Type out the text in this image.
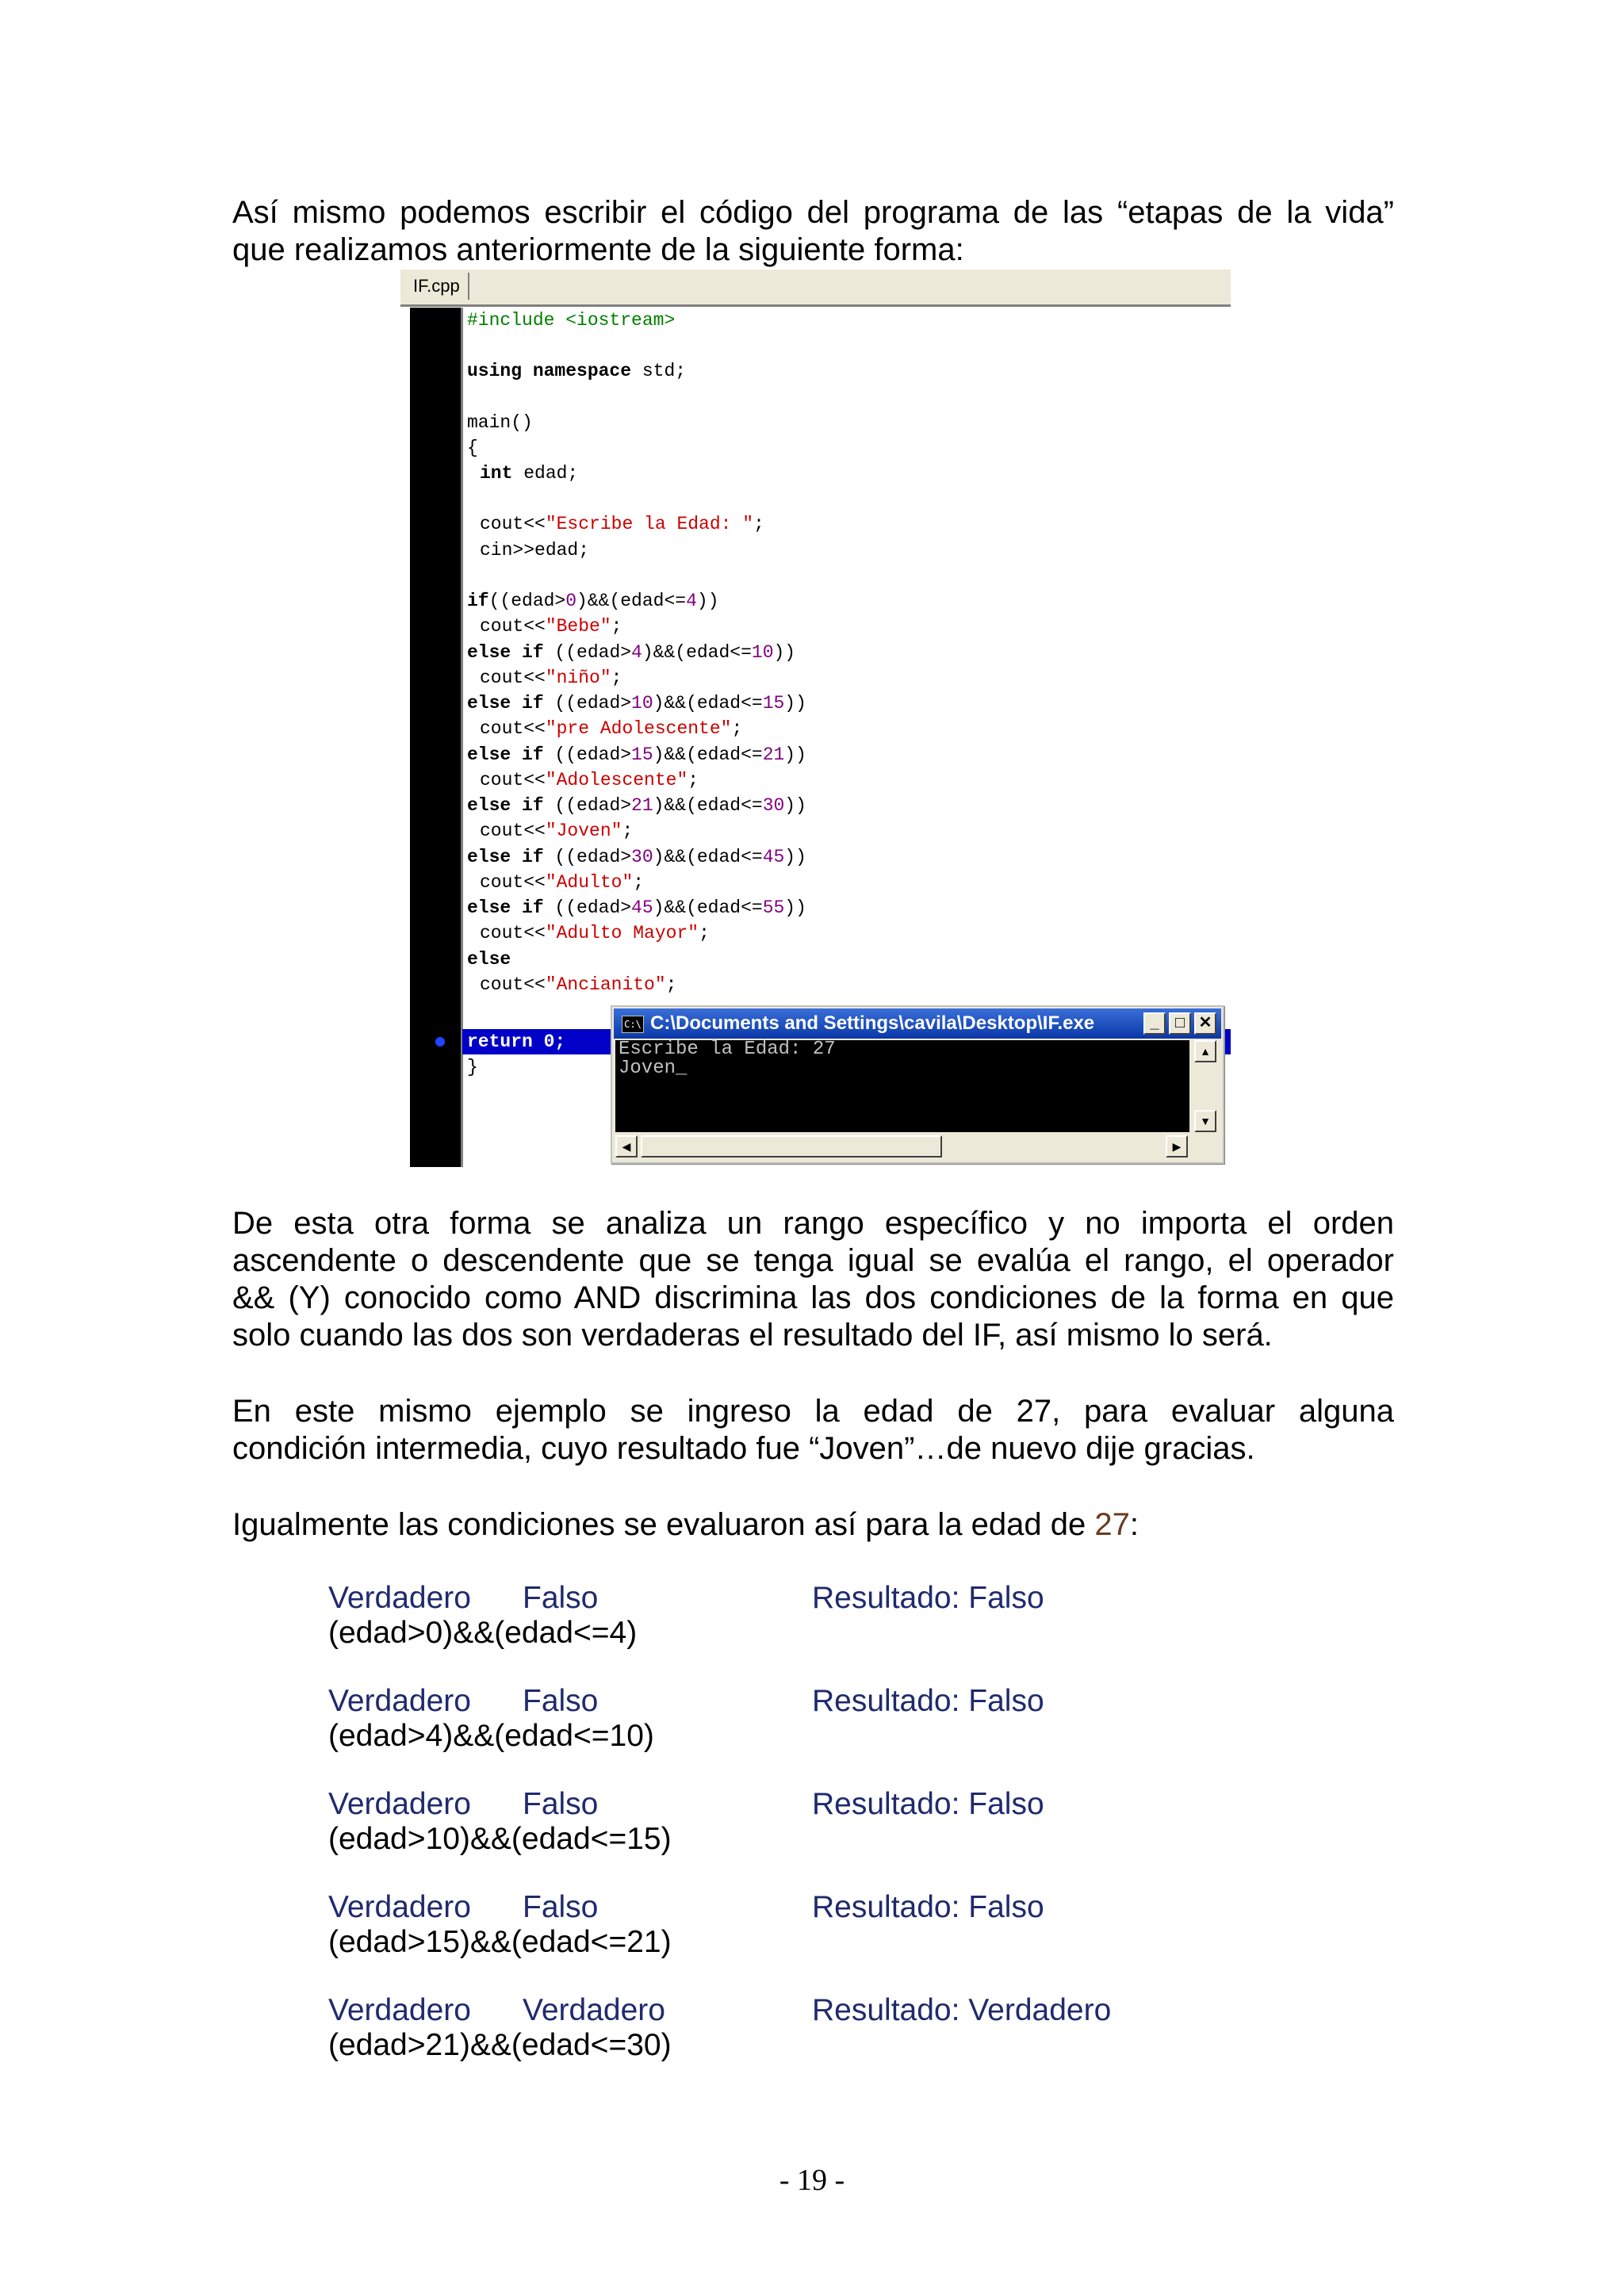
Así mismo podemos escribir el código del programa de las “etapas de la vida”
que realizamos anteriormente de la siguiente forma:
IF.cpp
#include <iostream>
using namespace std;
main()
{
int edad;
cout<<"Escribe la Edad: ";
cin>>edad;
if((edad>0)&&(edad<=4))
cout<<"Bebe";
else if ((edad>4)&&(edad<=10))
cout<<"niño";
else if ((edad>10)&&(edad<=15))
cout<<"pre Adolescente";
else if ((edad>15)&&(edad<=21))
cout<<"Adolescente";
else if ((edad>21)&&(edad<=30))
cout<<"Joven";
else if ((edad>30)&&(edad<=45))
cout<<"Adulto";
else if ((edad>45)&&(edad<=55))
cout<<"Adulto Mayor";
else
cout<<"Ancianito";
return 0;
}
C:\ C:\Documents and Settings\cavila\Desktop\IF.exe	_	□ ✕
Escribe la Edad: 27
Joven_
▲
▼
◀	▶
De esta otra forma se analiza un rango específico y no importa el orden
ascendente o descendente que se tenga igual se evalúa el rango, el operador
&& (Y) conocido como AND discrimina las dos condiciones de la forma en que
solo cuando las dos son verdaderas el resultado del IF, así mismo lo será.
En este mismo ejemplo se ingreso la edad de 27, para evaluar alguna
condición intermedia, cuyo resultado fue “Joven”…de nuevo dije gracias.
Igualmente las condiciones se evaluaron así para la edad de 27:
Verdadero Falso	Resultado: Falso
(edad>0)&&(edad<=4)
Verdadero Falso	Resultado: Falso
(edad>4)&&(edad<=10)
Verdadero Falso	Resultado: Falso
(edad>10)&&(edad<=15)
Verdadero Falso	Resultado: Falso
(edad>15)&&(edad<=21)
Verdadero Verdadero	Resultado: Verdadero
(edad>21)&&(edad<=30)
- 19 -
